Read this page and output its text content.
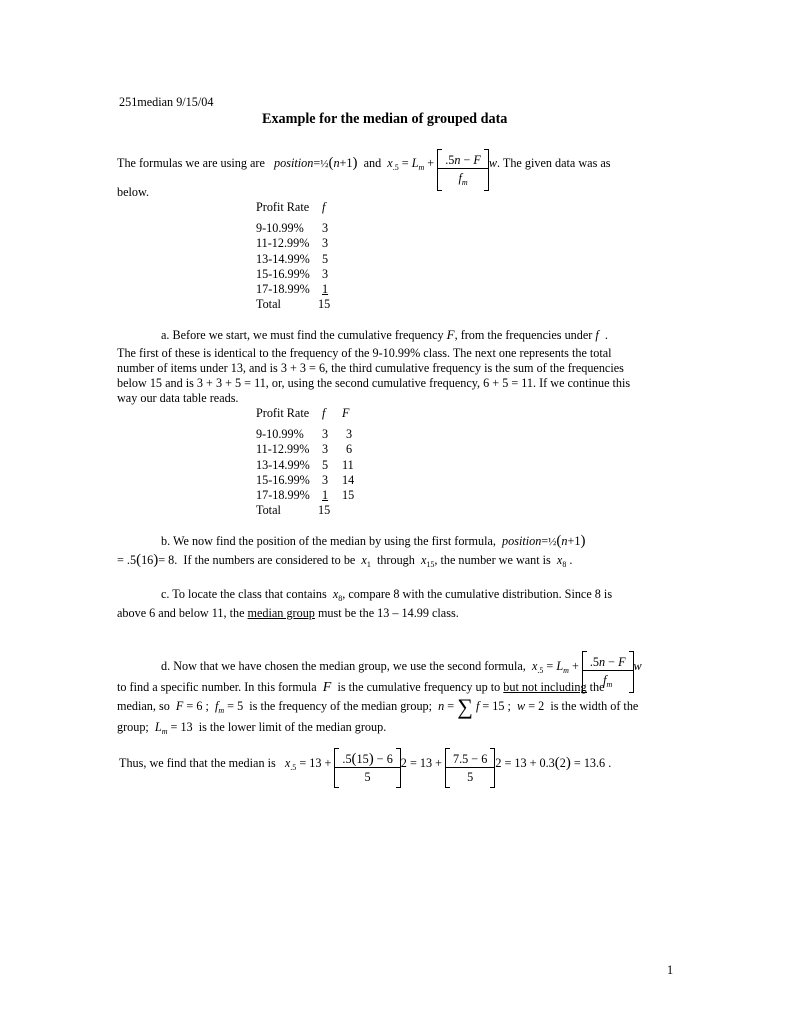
251median 9/15/04
Example for the median of grouped data
The formulas we are using are position=½(n+1) and $x_{.5} = L_m + \frac{.5n - F}{f_m} w$. The given data was as
below.
Profit Rate	f

9-10.99%	3
11-12.99%	3
13-14.99%	5
15-16.99%	3
17-18.99%	1
Total	15
a. Before we start, we must find the cumulative frequency F, from the frequencies under f  .
The first of these is identical to the frequency of the 9-10.99% class. The next one represents the total
number of items under 13, and is 3 + 3 = 6, the third cumulative frequency is the sum of the frequencies
below 15 and is 3 + 3 + 5 = 11, or, using the second cumulative frequency, 6 + 5 = 11. If we continue this
way our data table reads.
Profit Rate	f	F

9-10.99%	3	3
11-12.99%	3	6
13-14.99%	5	11
15-16.99%	3	14
17-18.99%	1	15
Total	15	
b. We now find the position of the median by using the first formula, position=½(n+1)
= .5(16)= 8.  If the numbers are considered to be $x_1$ through $x_{15}$, the number we want is $x_8$ .
c. To locate the class that contains $x_8$, compare 8 with the cumulative distribution. Since 8 is
above 6 and below 11, the median group must be the 13 – 14.99 class.
d. Now that we have chosen the median group, we use the second formula, $x_{.5} = L_m + \frac{.5n - F}{f_m}$ w
to find a specific number. In this formula F is the cumulative frequency up to but not including the
median, so F = 6 ;  $f_m = 5$  is the frequency of the median group; n = ∑ f = 15 ;  w = 2  is the width of the
group; $L_m = 13$  is the lower limit of the median group.
Thus, we find that the median is $x_{.5} = 13 + \frac{.5(15) - 6}{5} 2 = 13 + \frac{7.5 - 6}{5} 2 = 13 + 0.3(2) = 13.6$ .
1
